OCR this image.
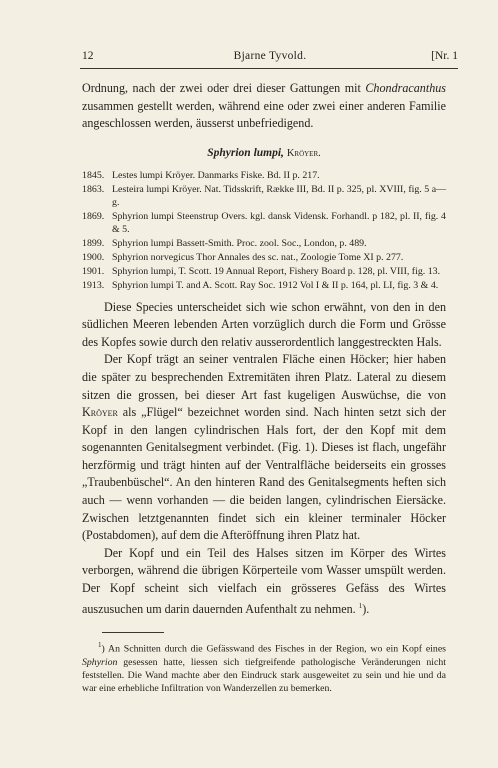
12	Bjarne Tyvold.	[Nr. 1

Ordnung, nach der zwei oder drei dieser Gattungen mit Chondracanthus zusammen gestellt werden, während eine oder zwei einer anderen Familie angeschlossen werden, äusserst unbefriedigend.

Sphyrion lumpi, Kröyer.
1845. Lestes lumpi Kröyer. Danmarks Fiske. Bd. II p. 217.
1863. Lesteira lumpi Kröyer. Nat. Tidsskrift, Række III, Bd. II p. 325, pl. XVIII, fig. 5 a—g.
1869. Sphyrion lumpi Steenstrup Overs. kgl. dansk Vidensk. Forhandl. p 182, pl. II, fig. 4 & 5.
1899. Sphyrion lumpi Bassett-Smith. Proc. zool. Soc., London, p. 489.
1900. Sphyrion norvegicus Thor Annales des sc. nat., Zoologie Tome XI p. 277.
1901. Sphyrion lumpi, T. Scott. 19 Annual Report, Fishery Board p. 128, pl. VIII, fig. 13.
1913. Sphyrion lumpi T. and A. Scott. Ray Soc. 1912 Vol I & II p. 164, pl. LI, fig. 3 & 4.

Diese Species unterscheidet sich wie schon erwähnt, von den in den südlichen Meeren lebenden Arten vorzüglich durch die Form und Grösse des Kopfes sowie durch den relativ ausserordentlich langgestreckten Hals.

Der Kopf trägt an seiner ventralen Fläche einen Höcker; hier haben die später zu besprechenden Extremitäten ihren Platz. Lateral zu diesem sitzen die grossen, bei dieser Art fast kugeligen Auswüchse, die von Kröyer als „Flügel“ bezeichnet worden sind. Nach hinten setzt sich der Kopf in den langen cylindrischen Hals fort, der den Kopf mit dem sogenannten Genitalsegment verbindet. (Fig. 1). Dieses ist flach, ungefähr herzförmig und trägt hinten auf der Ventralfläche beiderseits ein grosses „Traubenbüschel“. An den hinteren Rand des Genitalsegments heften sich auch — wenn vorhanden — die beiden langen, cylindrischen Eiersäcke. Zwischen letztgenannten findet sich ein kleiner terminaler Höcker (Postabdomen), auf dem die Afteröffnung ihren Platz hat.

Der Kopf und ein Teil des Halses sitzen im Körper des Wirtes verborgen, während die übrigen Körperteile vom Wasser umspült werden. Der Kopf scheint sich vielfach ein grösseres Gefäss des Wirtes auszusuchen um darin dauernden Aufenthalt zu nehmen. $^1$).

$^1$) An Schnitten durch die Gefässwand des Fisches in der Region, wo ein Kopf eines Sphyrion gesessen hatte, liessen sich tiefgreifende pathologische Veränderungen nicht feststellen. Die Wand machte aber den Eindruck stark ausgeweitet zu sein und hie und da war eine erhebliche Infiltration von Wanderzellen zu bemerken.
